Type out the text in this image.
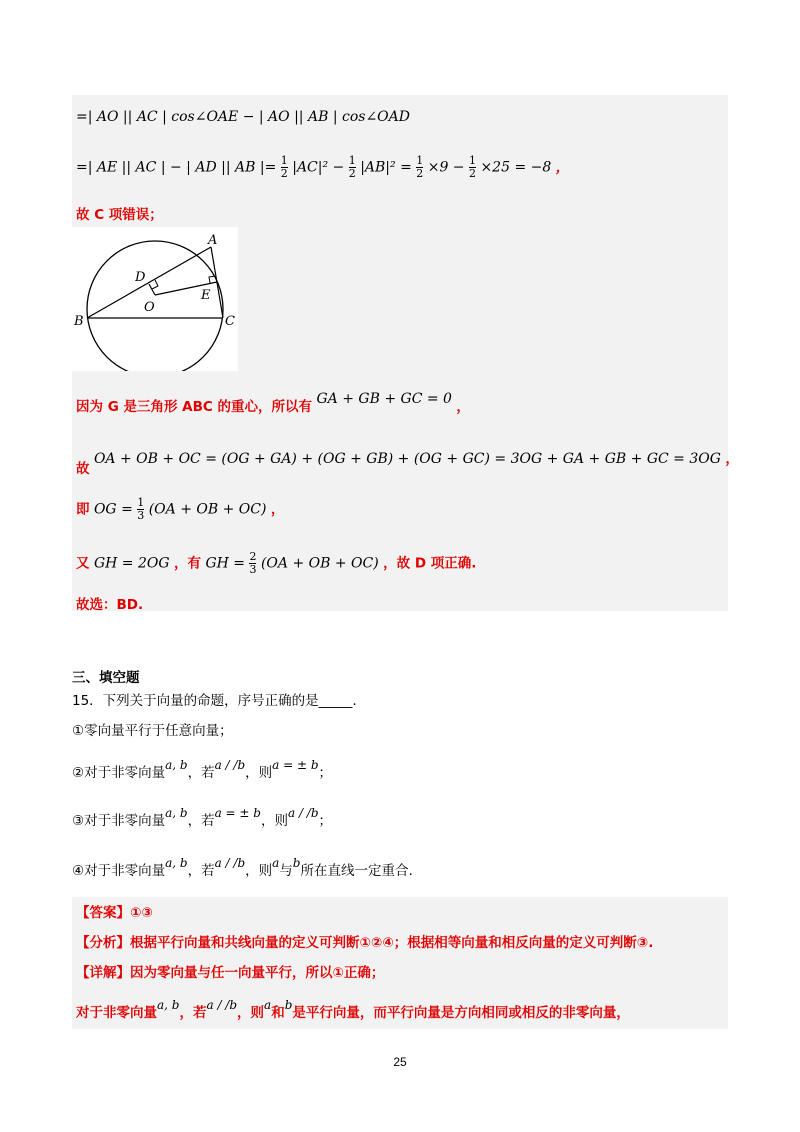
=| AO || AC | cos∠OAE − | AO || AB | cos∠OAD
=| AE || AC | − | AD || AB |= $\frac{1}{2} |AC|^2 - \frac{1}{2} |AB|^2 = \frac{1}{2} \times 9 - \frac{1}{2} \times 25 = -8$ ，
故 C 项错误；
A
B	C
D
E
O
因为 G 是三角形 ABC 的重心，所以有 GA + GB + GC = 0 ，
故 OA + OB + OC = (OG + GA) + (OG + GB) + (OG + GC) = 3OG + GA + GB + GC = 3OG ，
即 OG = $\frac{1}{3} (OA$ + OB + OC) ，
又 GH = 2OG ，有 GH = $\frac{2}{3} (OA$ + OB + OC) ，故 D 项正确.
故选：BD.
三、填空题
15．下列关于向量的命题，序号正确的是_____.
①零向量平行于任意向量；
②对于非零向量a, b，若a / /b，则a = ± b；
③对于非零向量a, b，若a = ± b，则a / /b；
④对于非零向量a, b，若a / /b，则a与b所在直线一定重合.
【答案】①③
【分析】根据平行向量和共线向量的定义可判断①②④；根据相等向量和相反向量的定义可判断③.
【详解】因为零向量与任一向量平行，所以①正确；
对于非零向量a, b，若a / /b，则a和b是平行向量，而平行向量是方向相同或相反的非零向量，
25
